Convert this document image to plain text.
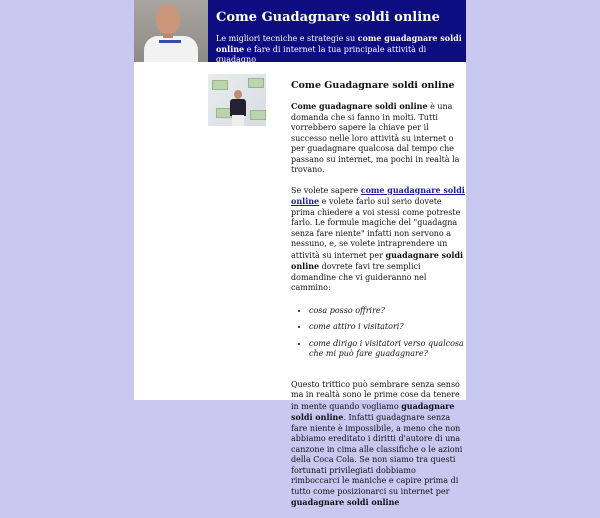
Come Guadagnare soldi online
Le migliori tecniche e strategie su come guadagnare soldi online e fare di internet la tua principale attività di guadagno
Come Guadagnare soldi online

Come guadagnare soldi online è una domanda che si fanno in molti. Tutti vorrebbero sapere la chiave per il successo nelle loro attività su internet o per guadagnare qualcosa dal tempo che passano su internet, ma pochi in realtà la trovano.

Se volete sapere come guadagnare soldi online e volete farlo sul serio dovete prima chiedere a voi stessi come potreste farlo. Le formule magiche del "guadagna senza fare niente" infatti non servono a nessuno, e, se volete intraprendere un attività su internet per guadagnare soldi online dovrete favi tre semplici domandine che vi guideranno nel cammino:

• cosa posso offrire?
• come attiro i visitatori?
• come dirigo i visitatori verso qualcosa che mi può fare guadagnare?

Questo trittico può sembrare senza senso ma in realtà sono le prime cose da tenere in mente quando vogliamo guadagnare soldi online. Infatti guadagnare senza fare niente è impossibile, a meno che non abbiamo ereditato i diritti d'autore di una canzone in cima alle classifiche o le azioni della Coca Cola. Se non siamo tra questi fortunati privilegiati dobbiamo rimboccarci le maniche e capire prima di tutto come posizionarci su internet per guadagnare soldi online
